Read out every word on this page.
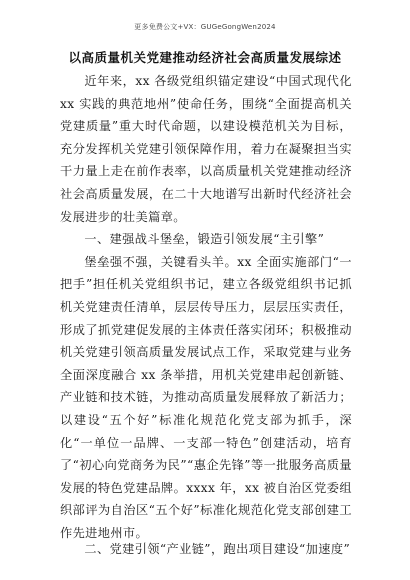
更多免费公文+VX：GUGeGongWen2024
以高质量机关党建推动经济社会高质量发展综述

近年来，xx 各级党组织锚定建设“中国式现代化 xx 实践的典范地州”使命任务，围绕“全面提高机关党建质量”重大时代命题，以建设模范机关为目标，充分发挥机关党建引领保障作用，着力在凝聚担当实干力量上走在前作表率，以高质量机关党建推动经济社会高质量发展，在二十大地谱写出新时代经济社会发展进步的壮美篇章。

一、建强战斗堡垒，锻造引领发展“主引擎”

堡垒强不强，关键看头羊。xx 全面实施部门“一把手”担任机关党组织书记，建立各级党组织书记抓机关党建责任清单，层层传导压力，层层压实责任，形成了抓党建促发展的主体责任落实闭环；积极推动机关党建引领高质量发展试点工作，采取党建与业务全面深度融合 xx 条举措，用机关党建串起创新链、产业链和技术链，为推动高质量发展释放了新活力；以建设“五个好”标准化规范化党支部为抓手，深化“一单位一品牌、一支部一特色”创建活动，培育了“初心向党商务为民”“惠企先锋”等一批服务高质量发展的特色党建品牌。xxxx 年，xx 被自治区党委组织部评为自治区“五个好”标准化规范化党支部创建工作先进地州市。

二、党建引领“产业链”，跑出项目建设“加速度”
